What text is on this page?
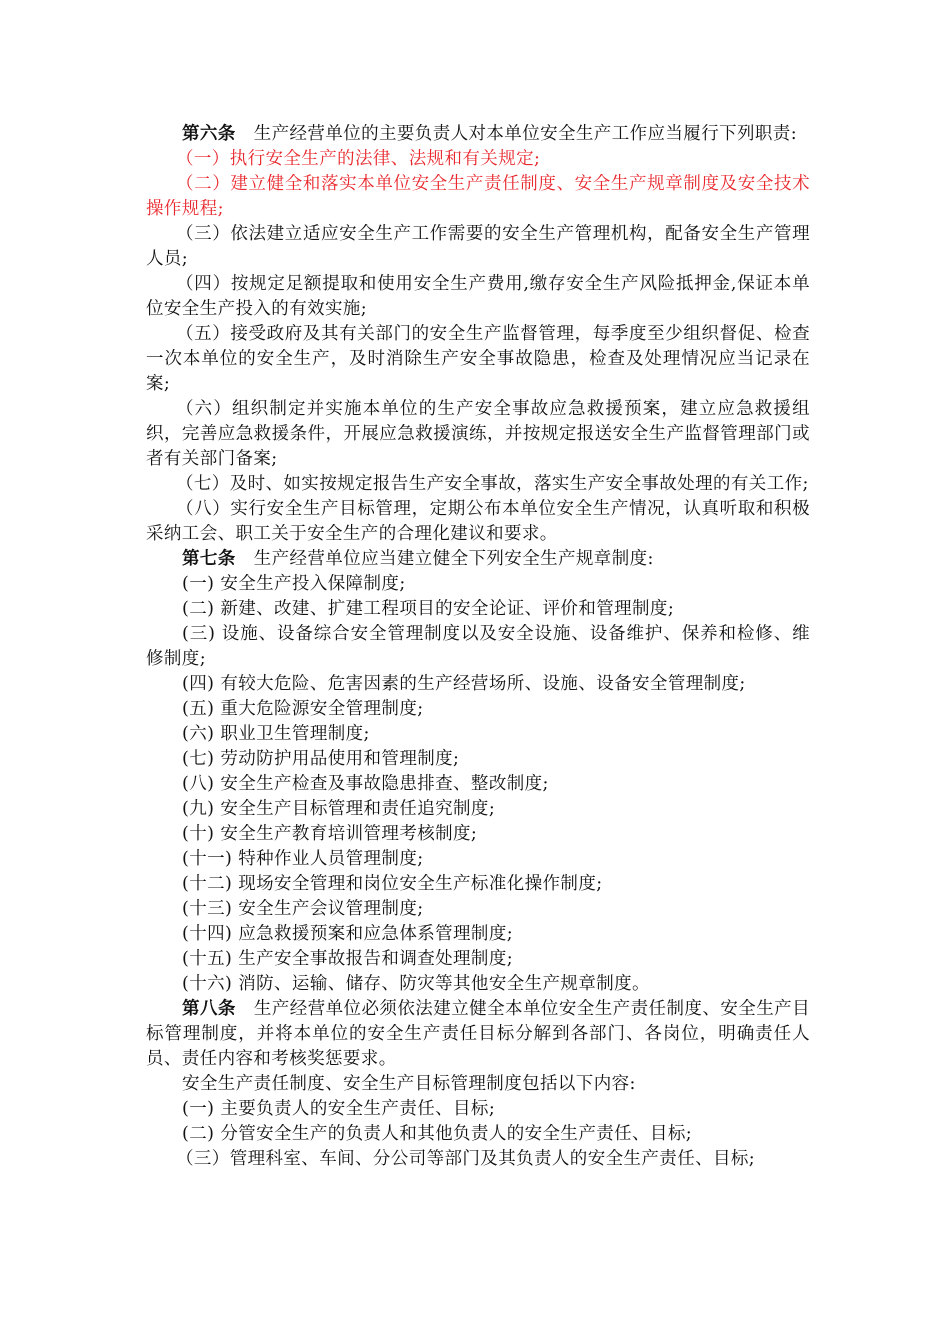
第六条 生产经营单位的主要负责人对本单位安全生产工作应当履行下列职责:

（一）执行安全生产的法律、法规和有关规定;

（二）建立健全和落实本单位安全生产责任制度、安全生产规章制度及安全技术操作规程;

（三）依法建立适应安全生产工作需要的安全生产管理机构，配备安全生产管理人员;

（四）按规定足额提取和使用安全生产费用,缴存安全生产风险抵押金,保证本单位安全生产投入的有效实施;

（五）接受政府及其有关部门的安全生产监督管理，每季度至少组织督促、检查一次本单位的安全生产，及时消除生产安全事故隐患，检查及处理情况应当记录在案;

（六）组织制定并实施本单位的生产安全事故应急救援预案，建立应急救援组织，完善应急救援条件，开展应急救援演练，并按规定报送安全生产监督管理部门或者有关部门备案;

（七）及时、如实按规定报告生产安全事故，落实生产安全事故处理的有关工作;

（八）实行安全生产目标管理，定期公布本单位安全生产情况，认真听取和积极采纳工会、职工关于安全生产的合理化建议和要求。

第七条 生产经营单位应当建立健全下列安全生产规章制度:

(一) 安全生产投入保障制度;

(二) 新建、改建、扩建工程项目的安全论证、评价和管理制度;

(三) 设施、设备综合安全管理制度以及安全设施、设备维护、保养和检修、维修制度;

(四) 有较大危险、危害因素的生产经营场所、设施、设备安全管理制度;

(五) 重大危险源安全管理制度;

(六) 职业卫生管理制度;

(七) 劳动防护用品使用和管理制度;

(八) 安全生产检查及事故隐患排查、整改制度;

(九) 安全生产目标管理和责任追究制度;

(十) 安全生产教育培训管理考核制度;

(十一) 特种作业人员管理制度;

(十二) 现场安全管理和岗位安全生产标准化操作制度;

(十三) 安全生产会议管理制度;

(十四) 应急救援预案和应急体系管理制度;

(十五) 生产安全事故报告和调查处理制度;

(十六) 消防、运输、储存、防灾等其他安全生产规章制度。

第八条 生产经营单位必须依法建立健全本单位安全生产责任制度、安全生产目标管理制度，并将本单位的安全生产责任目标分解到各部门、各岗位，明确责任人员、责任内容和考核奖惩要求。

安全生产责任制度、安全生产目标管理制度包括以下内容:

(一) 主要负责人的安全生产责任、目标;

(二) 分管安全生产的负责人和其他负责人的安全生产责任、目标;

（三）管理科室、车间、分公司等部门及其负责人的安全生产责任、目标;
